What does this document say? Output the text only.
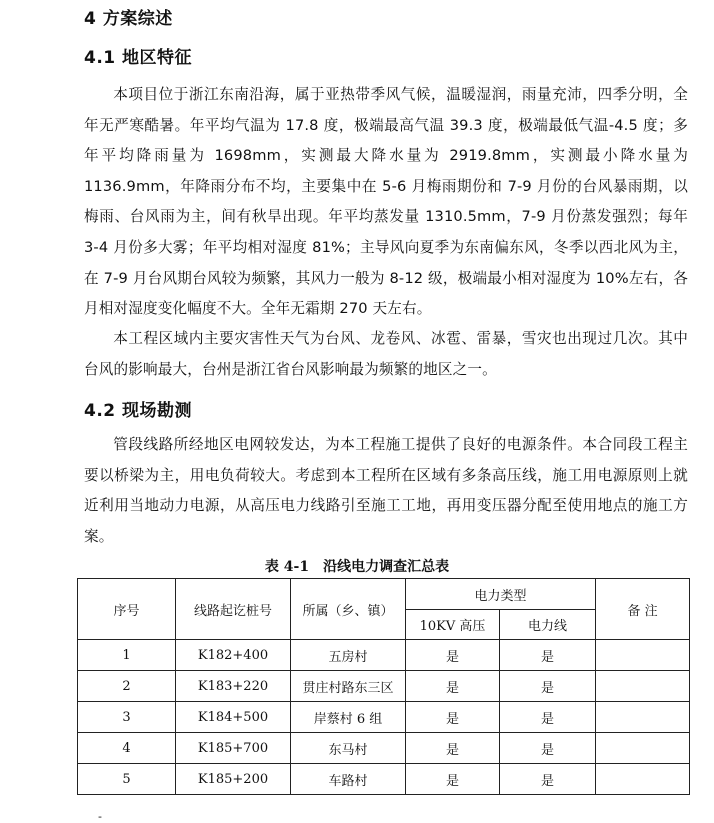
4 方案综述
4.1 地区特征

本项目位于浙江东南沿海，属于亚热带季风气候，温暖湿润，雨量充沛，四季分明，全年无严寒酷暑。年平均气温为 17.8 度，极端最高气温 39.3 度，极端最低气温-4.5 度；多年平均降雨量为 1698mm，实测最大降水量为 2919.8mm，实测最小降水量为 1136.9mm，年降雨分布不均，主要集中在 5-6 月梅雨期份和 7-9 月份的台风暴雨期，以梅雨、台风雨为主，间有秋旱出现。年平均蒸发量 1310.5mm，7-9 月份蒸发强烈；每年 3-4 月份多大雾；年平均相对湿度 81%；主导风向夏季为东南偏东风，冬季以西北风为主，在 7-9 月台风期台风较为频繁，其风力一般为 8-12 级，极端最小相对湿度为 10%左右，各月相对湿度变化幅度不大。全年无霜期 270 天左右。

本工程区域内主要灾害性天气为台风、龙卷风、冰雹、雷暴，雪灾也出现过几次。其中台风的影响最大，台州是浙江省台风影响最为频繁的地区之一。

4.2 现场勘测

管段线路所经地区电网较发达，为本工程施工提供了良好的电源条件。本合同段工程主要以桥梁为主，用电负荷较大。考虑到本工程所在区域有多条高压线，施工用电源原则上就近利用当地动力电源，从高压电力线路引至施工工地，再用变压器分配至使用地点的施工方案。

表 4-1　沿线电力调查汇总表
序号	线路起讫桩号	所属（乡、镇）	电力类型		备 注
			10KV 高压	电力线	
1	K182+400	五房村	是	是	
2	K183+220	贯庄村路东三区	是	是	
3	K184+500	岸蔡村 6 组	是	是	
4	K185+700	东马村	是	是	
5	K185+200	车路村	是	是	
-
